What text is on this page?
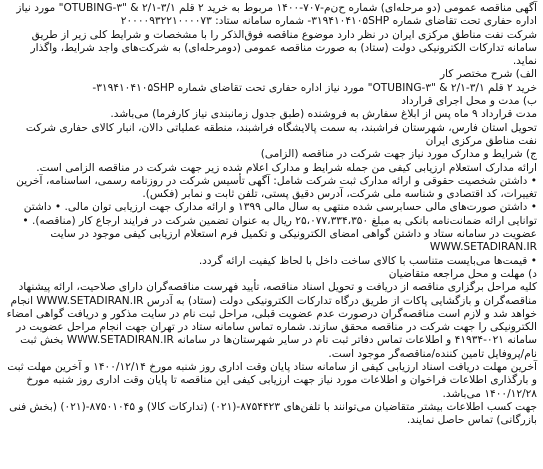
آگهی مناقصه عمومی (دو مرحله‌ای) شماره ح‌ن‌م-۷۰۷-۱۴۰۰ مربوط به خرید ۲ قلم OTUBING-۳" & ۲/۱-۳/۱" مورد نیاز اداره حفاری تحت تقاضای شماره ۳۱۹۴۱۰۴۱۰۵SHP- شماره سامانه ستاد: ۲۰۰۰۰۹۳۲۲۱۰۰۰۰۷۳

شرکت نفت مناطق مرکزی ایران در نظر دارد موضوع مناقصه فوق‌الذکر را با مشخصات و شرایط کلی زیر از طریق سامانه تدارکات الکترونیکی دولت (ستاد) به صورت مناقصه عمومی (دومرحله‌ای) به شرکت‌های واجد شرایط، واگذار نماید.

الف) شرح مختصر کار

خرید ۲ قلم OTUBING-۳" & ۲/۱-۳/۱" مورد نیاز اداره حفاری تحت تقاضای شماره ۳۱۹۴۱۰۴۱۰۵SHP-

ب) مدت و محل اجرای قرارداد

مدت قرارداد ۹ ماه پس از ابلاغ سفارش به فروشنده (طبق جدول زمانبندی نیاز کارفرما) می‌باشد.

تحویل استان فارس، شهرستان فراشبند، به سمت پالایشگاه فراشبند، منطقه عملیاتی دالان، انبار کالای حفاری شرکت نفت مناطق مرکزی ایران

ج) شرایط و مدارک مورد نیاز جهت شرکت در مناقصه (الزامی)

ارائه مدارک استعلام ارزیابی کیفی من جمله شرایط و مدارک اعلام شده زیر جهت شرکت در مناقصه الزامی است.

• داشتن شخصیت حقوقی و ارائه مدارک ثبت شرکت شامل: آگهی تأسیس شرکت در روزنامه رسمی، اساسنامه، آخرین تغییرات، کد اقتصادی و شناسه ملی شرکت، آدرس دقیق پستی، تلفن ثابت و نمابر (فکس).

• داشتن صورت‌های مالی حسابرسی شده منتهی به سال مالی ۱۳۹۹ و ارائه مدارک جهت ارزیابی توان مالی. • داشتن توانایی ارائه ضمانت‌نامه بانکی به مبلغ ۲۵،۰۷۷،۳۳۴،۳۵۰ ریال به عنوان تضمین شرکت در فرایند ارجاع کار (مناقصه). • عضویت در سامانه ستاد و داشتن گواهی امضای الکترونیکی و تکمیل فرم استعلام ارزیابی کیفی موجود در سایت WWW.SETADIRAN.IR

• قیمت‌ها می‌بایست متناسب با کالای ساخت داخل با لحاظ کیفیت ارائه گردد.

د) مهلت و محل مراجعه متقاضیان

کلیه مراحل برگزاری مناقصه از دریافت و تحویل اسناد مناقصه، تأیید فهرست مناقصه‌گران دارای صلاحیت، ارائه پیشنهاد مناقصه‌گران و بازگشایی پاکات از طریق درگاه تدارکات الکترونیکی دولت (ستاد) به آدرس WWW.SETADIRAN.IR انجام خواهد شد و لازم است مناقصه‌گران درصورت عدم عضویت قبلی، مراحل ثبت نام در سایت مذکور و دریافت گواهی امضاء الکترونیکی را جهت شرکت در مناقصه محقق سازند. شماره تماس سامانه ستاد در تهران جهت انجام مراحل عضویت در سامانه ۰۲۱-۴۱۹۳۴ و اطلاعات تماس دفاتر ثبت نام در سایر شهرستان‌ها در سامانه WWW.SETADIRAN.IR بخش ثبت نام/پروفایل تامین کننده/مناقصه‌گر موجود است.

آخرین مهلت دریافت اسناد ارزیابی کیفی از سامانه ستاد پایان وقت اداری روز شنبه مورخ ۱۴۰۰/۱۲/۱۴ و آخرین مهلت ثبت و بارگذاری اطلاعات فراخوان و اطلاعات مورد نیاز جهت ارزیابی کیفی این مناقصه تا پایان وقت اداری روز شنبه مورخ ۱۴۰۰/۱۲/۲۸ می‌باشد.

جهت کسب اطلاعات بیشتر متقاضیان می‌توانند با تلفن‌های ۸۷۵۴۴۲۳-(۰۲۱) (تدارکات کالا) و ۸۷۵۰۱۰۴۵-(۰۲۱) (بخش فنی بازرگانی) تماس حاصل نمایند.
